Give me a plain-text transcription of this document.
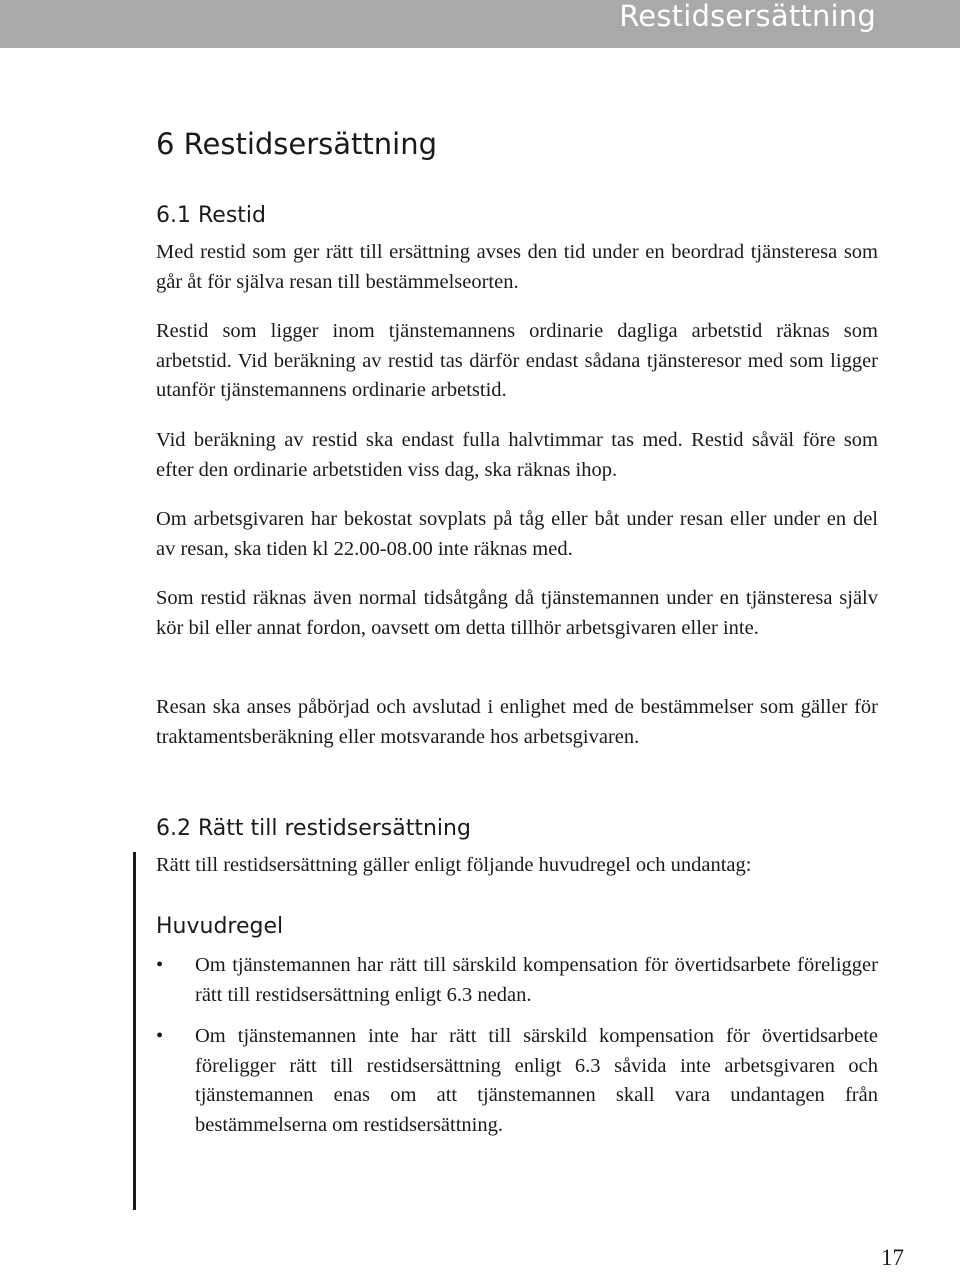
Restidsersättning
6 Restidsersättning
6.1 Restid

Med restid som ger rätt till ersättning avses den tid under en beordrad tjänsteresa som går åt för själva resan till bestämmelseorten.

Restid som ligger inom tjänstemannens ordinarie dagliga arbetstid räknas som arbetstid. Vid beräkning av restid tas därför endast sådana tjänsteresor med som ligger utanför tjänstemannens ordinarie arbetstid.

Vid beräkning av restid ska endast fulla halvtimmar tas med. Restid såväl före som efter den ordinarie arbetstiden viss dag, ska räknas ihop.

Om arbetsgivaren har bekostat sovplats på tåg eller båt under resan eller under en del av resan, ska tiden kl 22.00-08.00 inte räknas med.

Som restid räknas även normal tidsåtgång då tjänstemannen under en tjänsteresa själv kör bil eller annat fordon, oavsett om detta tillhör arbetsgivaren eller inte.

Resan ska anses påbörjad och avslutad i enlighet med de bestämmelser som gäller för traktamentsberäkning eller motsvarande hos arbetsgivaren.

6.2 Rätt till restidsersättning

Rätt till restidsersättning gäller enligt följande huvudregel och undantag:

Huvudregel
• Om tjänstemannen har rätt till särskild kompensation för övertidsarbete föreligger rätt till restidsersättning enligt 6.3 nedan.

• Om tjänstemannen inte har rätt till särskild kompensation för övertidsarbete föreligger rätt till restidsersättning enligt 6.3 såvida inte arbetsgivaren och tjänstemannen enas om att tjänstemannen skall vara undantagen från bestämmelserna om restidsersättning.

17
